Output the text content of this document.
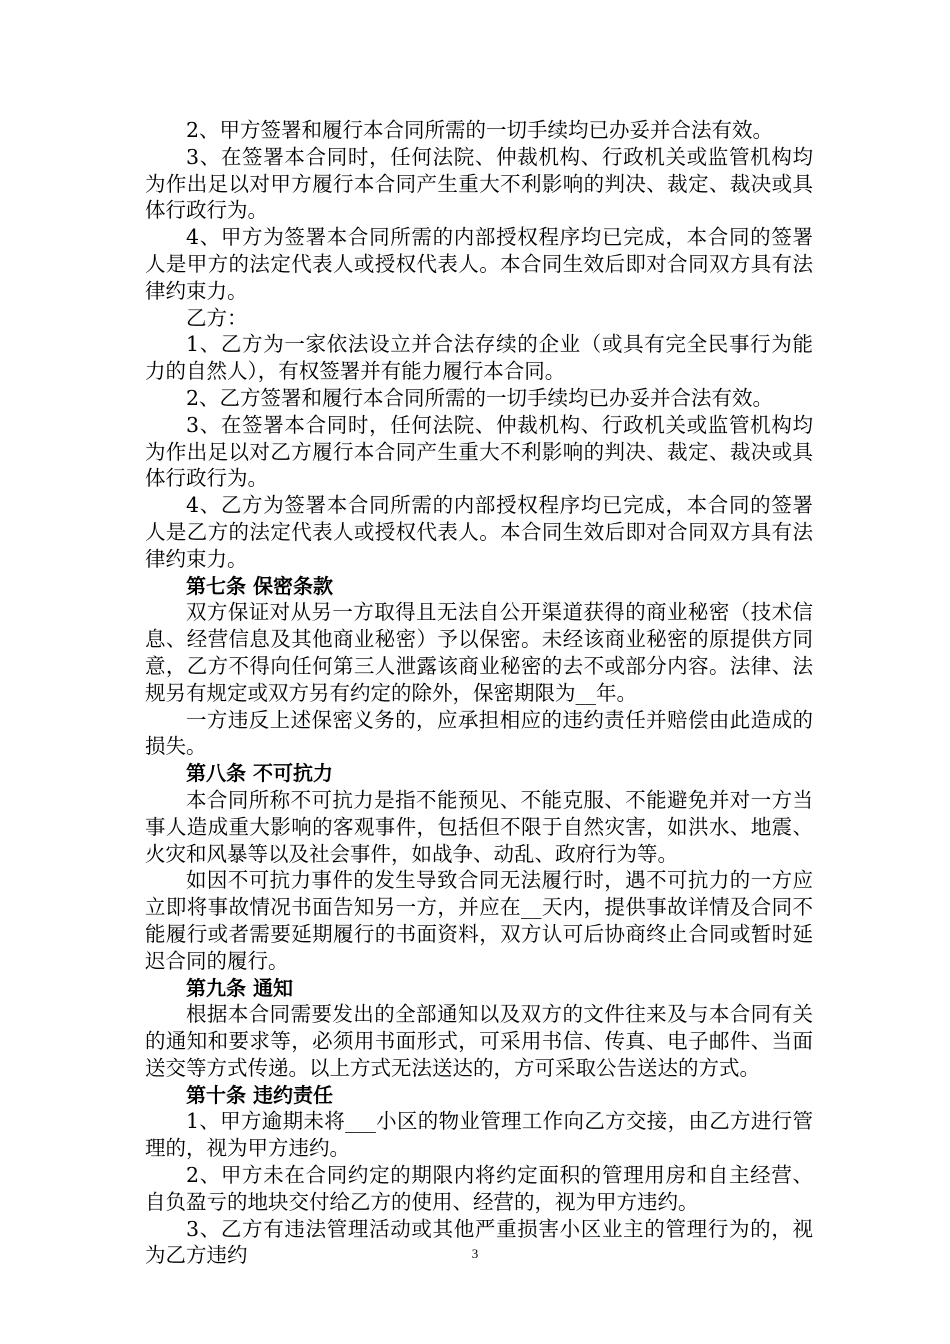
2、甲方签署和履行本合同所需的一切手续均已办妥并合法有效。

3、在签署本合同时，任何法院、仲裁机构、行政机关或监管机构均为作出足以对甲方履行本合同产生重大不利影响的判决、裁定、裁决或具体行政行为。

4、甲方为签署本合同所需的内部授权程序均已完成，本合同的签署人是甲方的法定代表人或授权代表人。本合同生效后即对合同双方具有法律约束力。

乙方：

1、乙方为一家依法设立并合法存续的企业（或具有完全民事行为能力的自然人），有权签署并有能力履行本合同。

2、乙方签署和履行本合同所需的一切手续均已办妥并合法有效。

3、在签署本合同时，任何法院、仲裁机构、行政机关或监管机构均为作出足以对乙方履行本合同产生重大不利影响的判决、裁定、裁决或具体行政行为。

4、乙方为签署本合同所需的内部授权程序均已完成，本合同的签署人是乙方的法定代表人或授权代表人。本合同生效后即对合同双方具有法律约束力。

第七条 保密条款

双方保证对从另一方取得且无法自公开渠道获得的商业秘密（技术信息、经营信息及其他商业秘密）予以保密。未经该商业秘密的原提供方同意，乙方不得向任何第三人泄露该商业秘密的去不或部分内容。法律、法规另有规定或双方另有约定的除外，保密期限为__年。

一方违反上述保密义务的，应承担相应的违约责任并赔偿由此造成的损失。

第八条 不可抗力

本合同所称不可抗力是指不能预见、不能克服、不能避免并对一方当事人造成重大影响的客观事件，包括但不限于自然灾害，如洪水、地震、火灾和风暴等以及社会事件，如战争、动乱、政府行为等。

如因不可抗力事件的发生导致合同无法履行时，遇不可抗力的一方应立即将事故情况书面告知另一方，并应在__天内，提供事故详情及合同不能履行或者需要延期履行的书面资料，双方认可后协商终止合同或暂时延迟合同的履行。

第九条 通知

根据本合同需要发出的全部通知以及双方的文件往来及与本合同有关的通知和要求等，必须用书面形式，可采用书信、传真、电子邮件、当面送交等方式传递。以上方式无法送达的，方可采取公告送达的方式。

第十条 违约责任

1、甲方逾期未将___小区的物业管理工作向乙方交接，由乙方进行管理的，视为甲方违约。

2、甲方未在合同约定的期限内将约定面积的管理用房和自主经营、自负盈亏的地块交付给乙方的使用、经营的，视为甲方违约。

3、乙方有违法管理活动或其他严重损害小区业主的管理行为的，视为乙方违约	3
